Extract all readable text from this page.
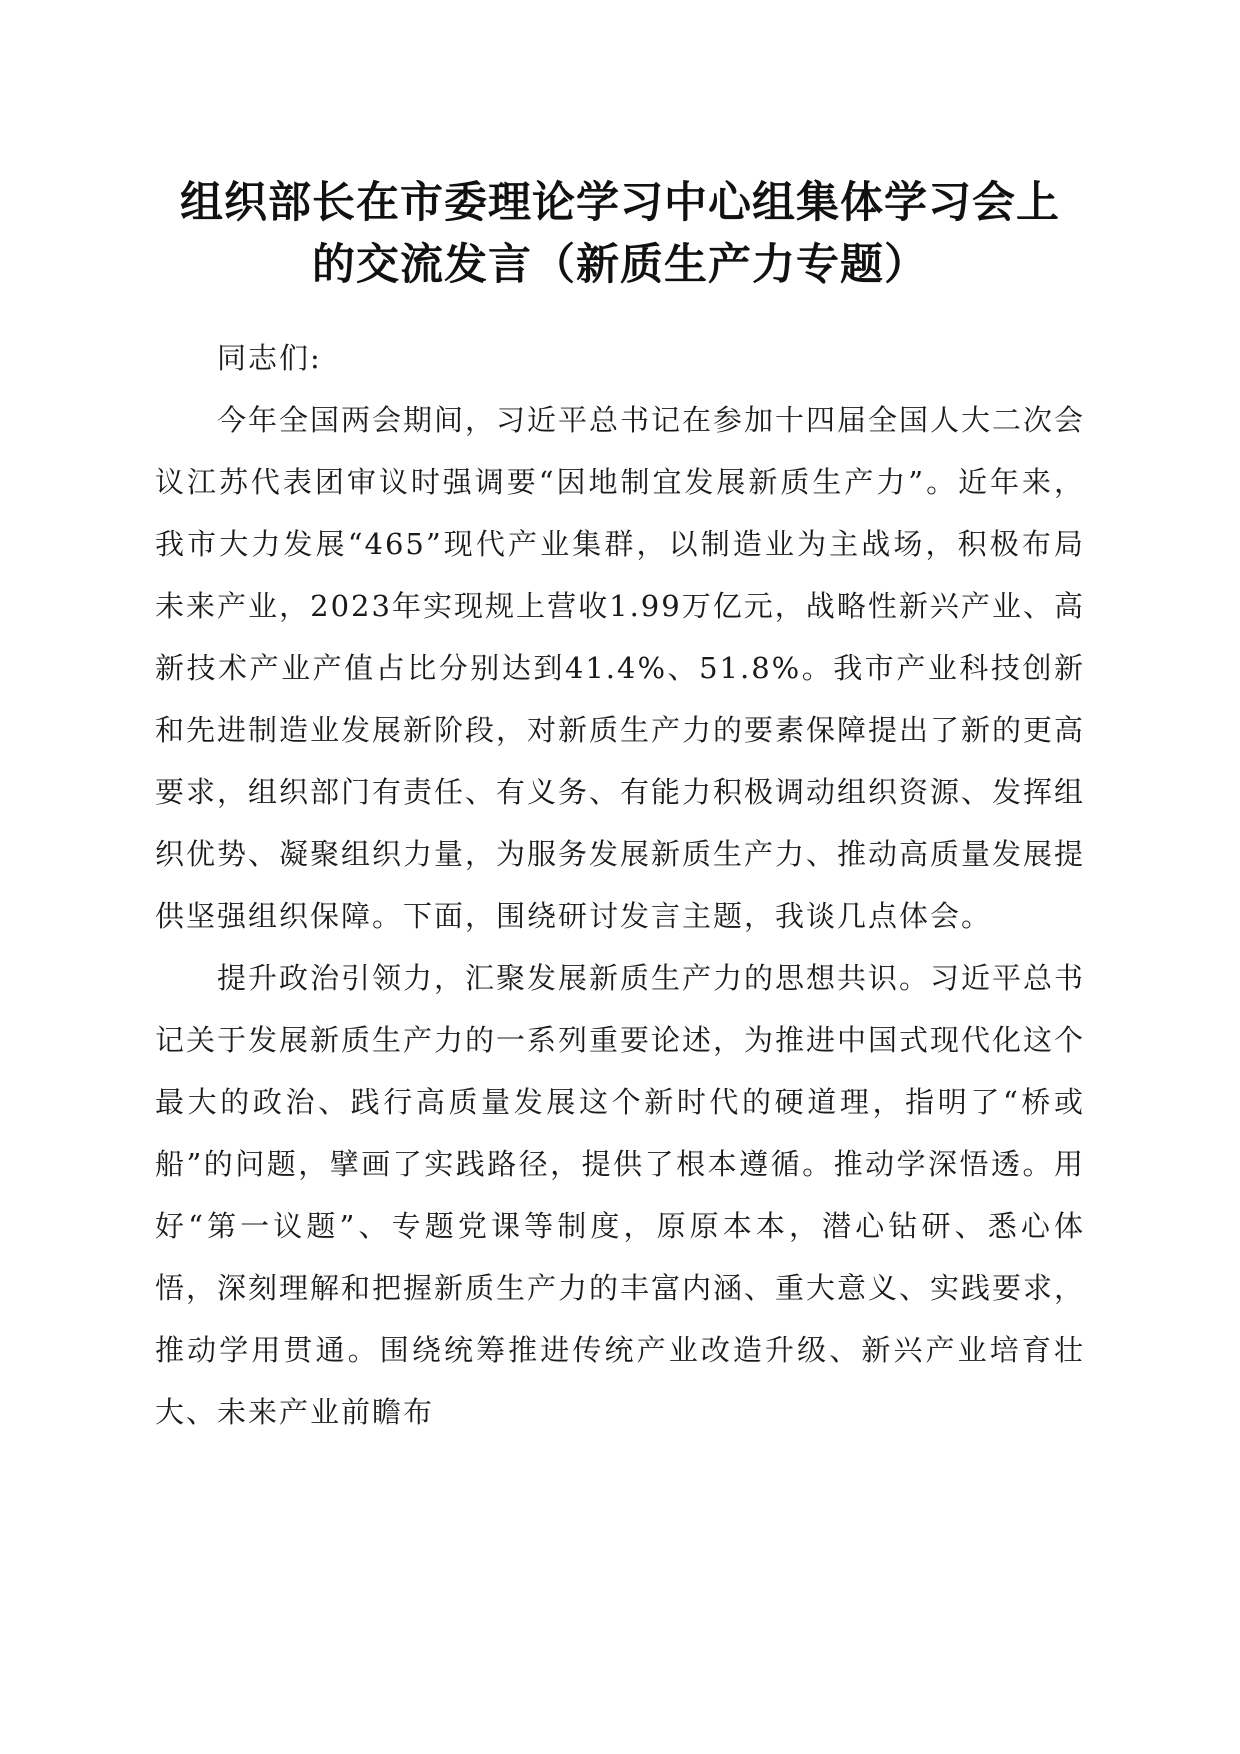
组织部长在市委理论学习中心组集体学习会上
的交流发言（新质生产力专题）

同志们:

今年全国两会期间，习近平总书记在参加十四届全国人大二次会议江苏代表团审议时强调要“因地制宜发展新质生产力”。近年来，我市大力发展“465”现代产业集群，以制造业为主战场，积极布局未来产业，2023年实现规上营收1.99万亿元，战略性新兴产业、高新技术产业产值占比分别达到41.4%、51.8%。我市产业科技创新和先进制造业发展新阶段，对新质生产力的要素保障提出了新的更高要求，组织部门有责任、有义务、有能力积极调动组织资源、发挥组织优势、凝聚组织力量，为服务发展新质生产力、推动高质量发展提供坚强组织保障。下面，围绕研讨发言主题，我谈几点体会。

提升政治引领力，汇聚发展新质生产力的思想共识。习近平总书记关于发展新质生产力的一系列重要论述，为推进中国式现代化这个最大的政治、践行高质量发展这个新时代的硬道理，指明了“桥或船”的问题，擘画了实践路径，提供了根本遵循。推动学深悟透。用好“第一议题”、专题党课等制度，原原本本，潜心钻研、悉心体悟，深刻理解和把握新质生产力的丰富内涵、重大意义、实践要求，推动学用贯通。围绕统筹推进传统产业改造升级、新兴产业培育壮大、未来产业前瞻布
